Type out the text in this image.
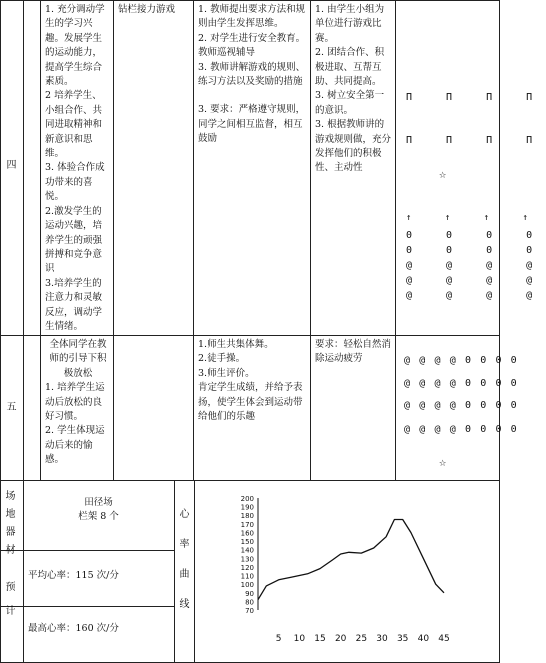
四

1. 充分调动学生的学习兴趣。发展学生的运动能力，提高学生综合素质。

2 培养学生、小组合作、共同进取精神和新意识和思维。

3. 体验合作成功带来的喜悦。

2.激发学生的运动兴趣，培养学生的顽强拼搏和竞争意识

3.培养学生的注意力和灵敏反应，调动学生情绪。

钻栏接力游戏	1. 教师提出要求方法和规则由学生发挥思维。

2. 对学生进行安全教育。教师巡视辅导

3. 教师讲解游戏的规则、练习方法以及奖励的措施

3. 要求：严格遵守规则，同学之间相互监督，相互鼓励

1. 由学生小组为单位进行游戏比赛。

2. 团结合作、积极进取、互帮互助、共同提高。

3. 树立安全第一的意识。

3. 根据教师讲的游戏规则做，充分发挥他们的积极性、主动性

Π Π Π Π
Π Π Π Π
☆
↑ ↑ ↑ ↑
0 0 0 0
0 0 0 0
@ @ @ @
@ @ @ @
@ @ @ @
五

全体同学在教师的引导下积极放松

1. 培养学生运动后放松的良好习惯。

2. 学生体现运动后来的愉感。

1.师生共集体舞。

2.徒手操。

3.师生评价。

肯定学生成绩，并给予表扬，使学生体会到运动带给他们的乐趣

要求：轻松自然消除运动疲劳	@ @ @ @ 0 0 0 0
@ @ @ @ 0 0 0 0
@ @ @ @ 0 0 0 0
@ @ @ @ 0 0 0 0
☆
场地器材

田径场

栏架 8 个

预计
平均心率：115 次/分
最高心率：160 次/分
心率曲线
70
80
90
100
110
120
130
140
150
160
170
180
190
200
5 10 15 20 25 30 35 40 45
